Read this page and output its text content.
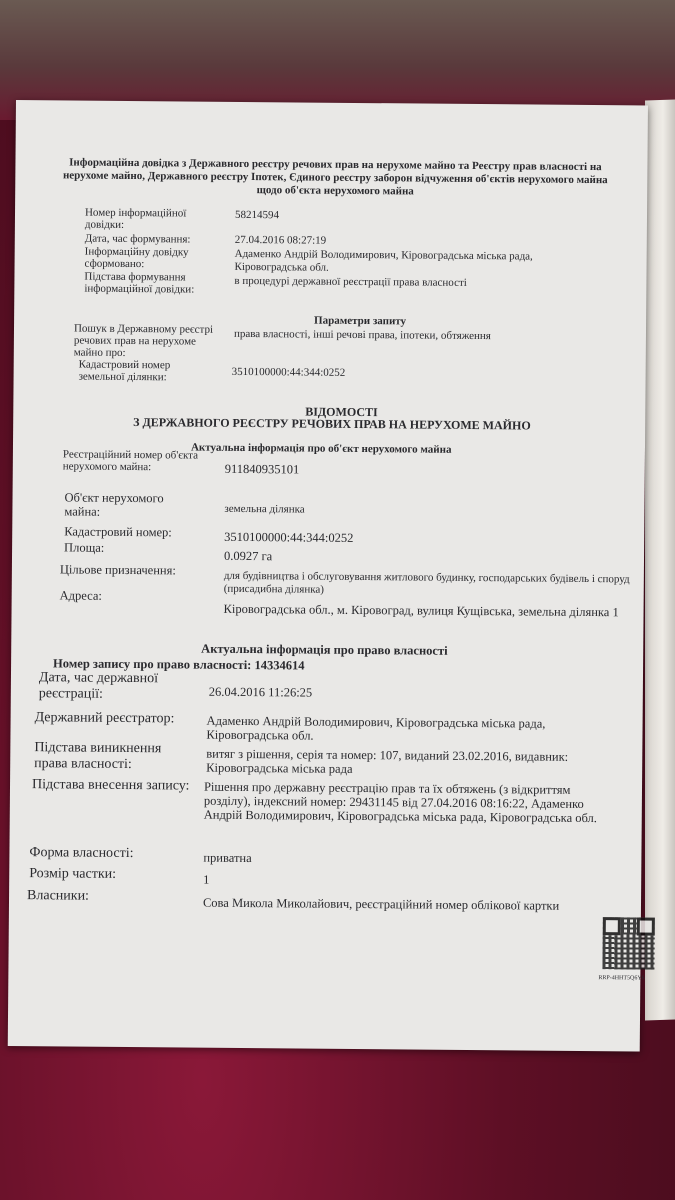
Інформаційна довідка з Державного реєстру речових прав на нерухоме майно та Реєстру прав власності на нерухоме майно, Державного реєстру Іпотек, Єдиного реєстру заборон відчуження об'єктів нерухомого майна щодо об'єкта нерухомого майна
Номер інформаційної довідки:
58214594
Дата, час формування:	27.04.2016 08:27:19
Інформаційну довідку сформовано:
Адаменко Андрій Володимирович, Кіровоградська міська рада, Кіровоградська обл.
Підстава формування інформаційної довідки:
в процедурі державної реєстрації права власності
Параметри запиту
Пошук в Державному реєстрі речових прав на нерухоме майно про:
права власності, інші речові права, іпотеки, обтяження
Кадастровий номер земельної ділянки:	3510100000:44:344:0252
ВІДОМОСТІ
З ДЕРЖАВНОГО РЕЄСТРУ РЕЧОВИХ ПРАВ НА НЕРУХОМЕ МАЙНО
Актуальна інформація про об'єкт нерухомого майна
Реєстраційний номер об'єкта нерухомого майна:	911840935101
Об'єкт нерухомого майна:	земельна ділянка
Кадастровий номер:	3510100000:44:344:0252
Площа:
0.0927 га
Цільове призначення:	для будівництва і обслуговування житлового будинку, господарських будівель і споруд (присадибна ділянка)
Адреса:
Кіровоградська обл., м. Кіровоград, вулиця Кущівська, земельна ділянка 1
Актуальна інформація про право власності
Номер запису про право власності: 14334614
Дата, час державної реєстрації:	26.04.2016 11:26:25
Державний реєстратор:	Адаменко Андрій Володимирович, Кіровоградська міська рада, Кіровоградська обл.
Підстава виникнення права власності:
витяг з рішення, серія та номер: 107, виданий 23.02.2016, видавник: Кіровоградська міська рада
Підстава внесення запису: Рішення про державну реєстрацію прав та їх обтяжень (з відкриттям розділу), індексний номер: 29431145 від 27.04.2016 08:16:22, Адаменко Андрій Володимирович, Кіровоградська міська рада, Кіровоградська обл.
Форма власності:	приватна
Розмір частки:	1
Власники:	Сова Микола Миколайович, реєстраційний номер облікової картки
RRP-4HHT5Q6Y6
